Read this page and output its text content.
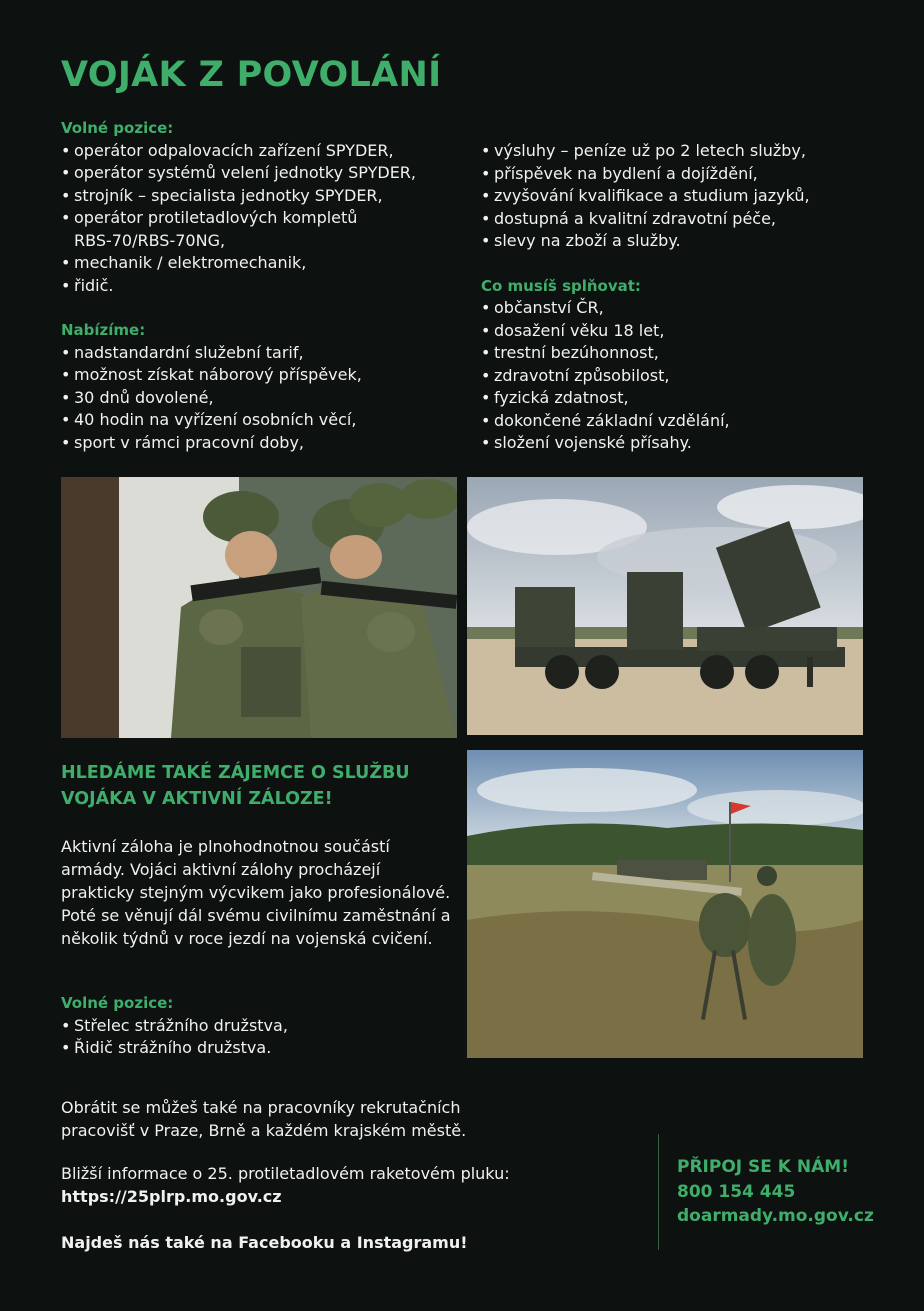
VOJÁK Z POVOLÁNÍ
Volné pozice:
• operátor odpalovacích zařízení SPYDER,
• operátor systémů velení jednotky SPYDER,
• strojník – specialista jednotky SPYDER,
• operátor protiletadlových kompletů RBS-70/RBS-70NG,
• mechanik / elektromechanik,
• řidič.
Nabízíme:
• nadstandardní služební tarif,
• možnost získat náborový příspěvek,
• 30 dnů dovolené,
• 40 hodin na vyřízení osobních věcí,
• sport v rámci pracovní doby,
• výsluhy – peníze už po 2 letech služby,
• příspěvek na bydlení a dojíždění,
• zvyšování kvalifikace a studium jazyků,
• dostupná a kvalitní zdravotní péče,
• slevy na zboží a služby.
Co musíš splňovat:
• občanství ČR,
• dosažení věku 18 let,
• trestní bezúhonnost,
• zdravotní způsobilost,
• fyzická zdatnost,
• dokončené základní vzdělání,
• složení vojenské přísahy.
HLEDÁME TAKÉ ZÁJEMCE O SLUŽBU VOJÁKA V AKTIVNÍ ZÁLOZE!
Aktivní záloha je plnohodnotnou součástí armády. Vojáci aktivní zálohy procházejí prakticky stejným výcvikem jako profesionálové. Poté se věnují dál svému civilnímu zaměstnání a několik týdnů v roce jezdí na vojenská cvičení.
Volné pozice:
• Střelec strážního družstva,
• Řidič strážního družstva.
Obrátit se můžeš také na pracovníky rekrutačních pracovišť v Praze, Brně a každém krajském městě.
Bližší informace o 25. protiletadlovém raketovém pluku:
https://25plrp.mo.gov.cz
Najdeš nás také na Facebooku a Instagramu!
PŘIPOJ SE K NÁM!
800 154 445
doarmady.mo.gov.cz
